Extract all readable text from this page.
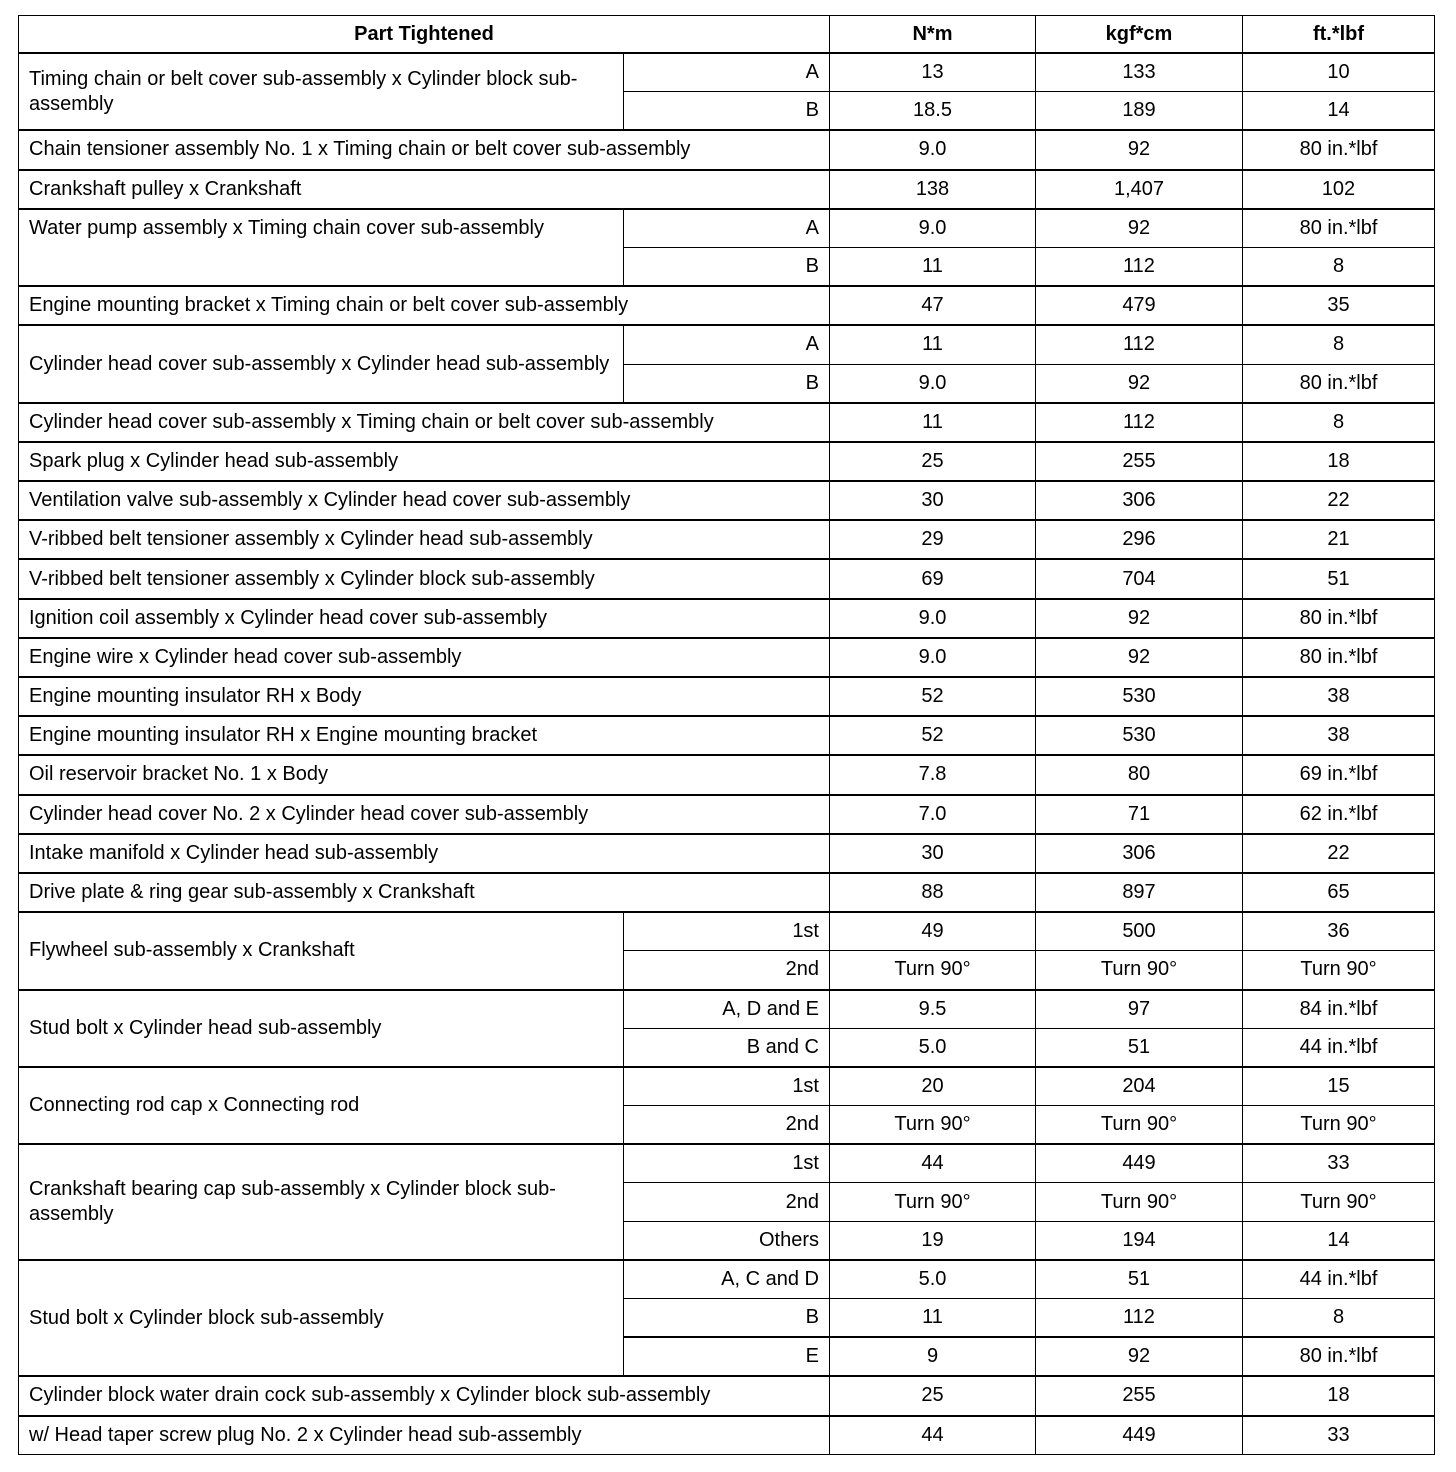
Part Tightened		N*m	kgf*cm	ft.*lbf
Timing chain or belt cover sub-assembly x Cylinder block sub-assembly	A	13	133	10
	B	18.5	189	14
Chain tensioner assembly No. 1 x Timing chain or belt cover sub-assembly		9.0	92	80 in.*lbf
Crankshaft pulley x Crankshaft		138	1,407	102
Water pump assembly x Timing chain cover sub-assembly	A	9.0	92	80 in.*lbf
	B	11	112	8
Engine mounting bracket x Timing chain or belt cover sub-assembly		47	479	35
Cylinder head cover sub-assembly x Cylinder head sub-assembly	A	11	112	8
	B	9.0	92	80 in.*lbf
Cylinder head cover sub-assembly x Timing chain or belt cover sub-assembly		11	112	8
Spark plug x Cylinder head sub-assembly		25	255	18
Ventilation valve sub-assembly x Cylinder head cover sub-assembly		30	306	22
V-ribbed belt tensioner assembly x Cylinder head sub-assembly		29	296	21
V-ribbed belt tensioner assembly x Cylinder block sub-assembly		69	704	51
Ignition coil assembly x Cylinder head cover sub-assembly		9.0	92	80 in.*lbf
Engine wire x Cylinder head cover sub-assembly		9.0	92	80 in.*lbf
Engine mounting insulator RH x Body		52	530	38
Engine mounting insulator RH x Engine mounting bracket		52	530	38
Oil reservoir bracket No. 1 x Body		7.8	80	69 in.*lbf
Cylinder head cover No. 2 x Cylinder head cover sub-assembly		7.0	71	62 in.*lbf
Intake manifold x Cylinder head sub-assembly		30	306	22
Drive plate & ring gear sub-assembly x Crankshaft		88	897	65
Flywheel sub-assembly x Crankshaft	1st	49	500	36
	2nd	Turn 90°	Turn 90°	Turn 90°
Stud bolt x Cylinder head sub-assembly	A, D and E	9.5	97	84 in.*lbf
	B and C	5.0	51	44 in.*lbf
Connecting rod cap x Connecting rod	1st	20	204	15
	2nd	Turn 90°	Turn 90°	Turn 90°
Crankshaft bearing cap sub-assembly x Cylinder block sub-assembly	1st	44	449	33
	2nd	Turn 90°	Turn 90°	Turn 90°
	Others	19	194	14
Stud bolt x Cylinder block sub-assembly	A, C and D	5.0	51	44 in.*lbf
	B	11	112	8
	E	9	92	80 in.*lbf
Cylinder block water drain cock sub-assembly x Cylinder block sub-assembly		25	255	18
w/ Head taper screw plug No. 2 x Cylinder head sub-assembly		44	449	33
